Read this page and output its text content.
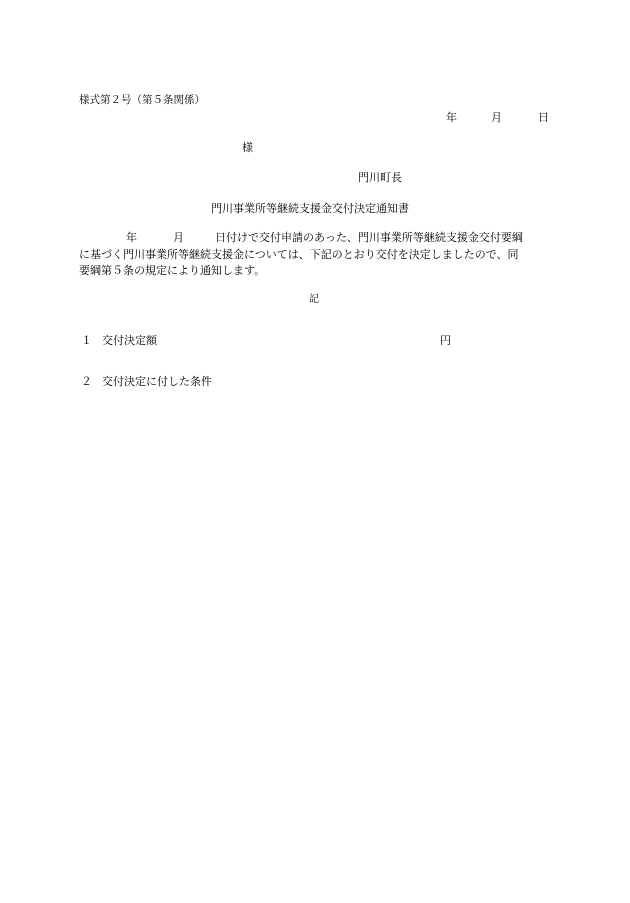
様式第２号（第５条関係）
年	月	日
様
門川町長
門川事業所等継続支援金交付決定通知書
年	月	日付けで交付申請のあった、門川事業所等継続支援金交付要綱
に基づく門川事業所等継続支援金については、下記のとおり交付を決定しましたので、同
要綱第５条の規定により通知します。
記
１ 交付決定額	円
２ 交付決定に付した条件
